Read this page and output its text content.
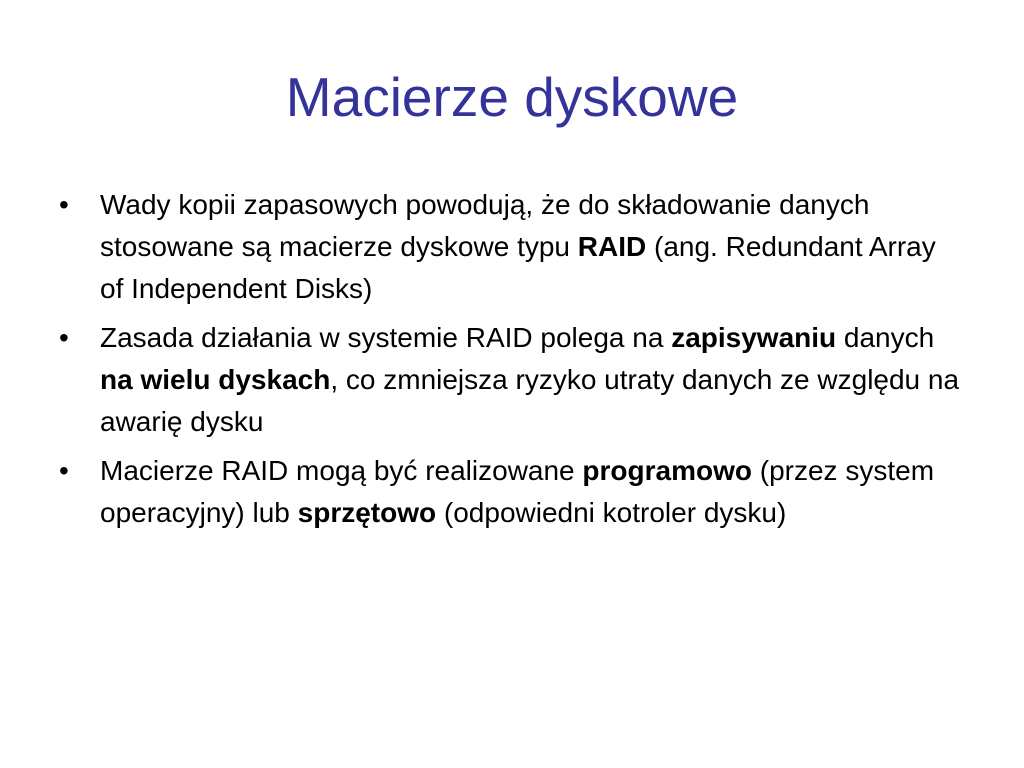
Macierze dyskowe
• Wady kopii zapasowych powodują, że do składowanie danych stosowane są macierze dyskowe typu RAID (ang. Redundant Array of Independent Disks)
• Zasada działania w systemie RAID polega na zapisywaniu danych na wielu dyskach, co zmniejsza ryzyko utraty danych ze względu na awarię dysku
• Macierze RAID mogą być realizowane programowo (przez system operacyjny) lub sprzętowo (odpowiedni kotroler dysku)
